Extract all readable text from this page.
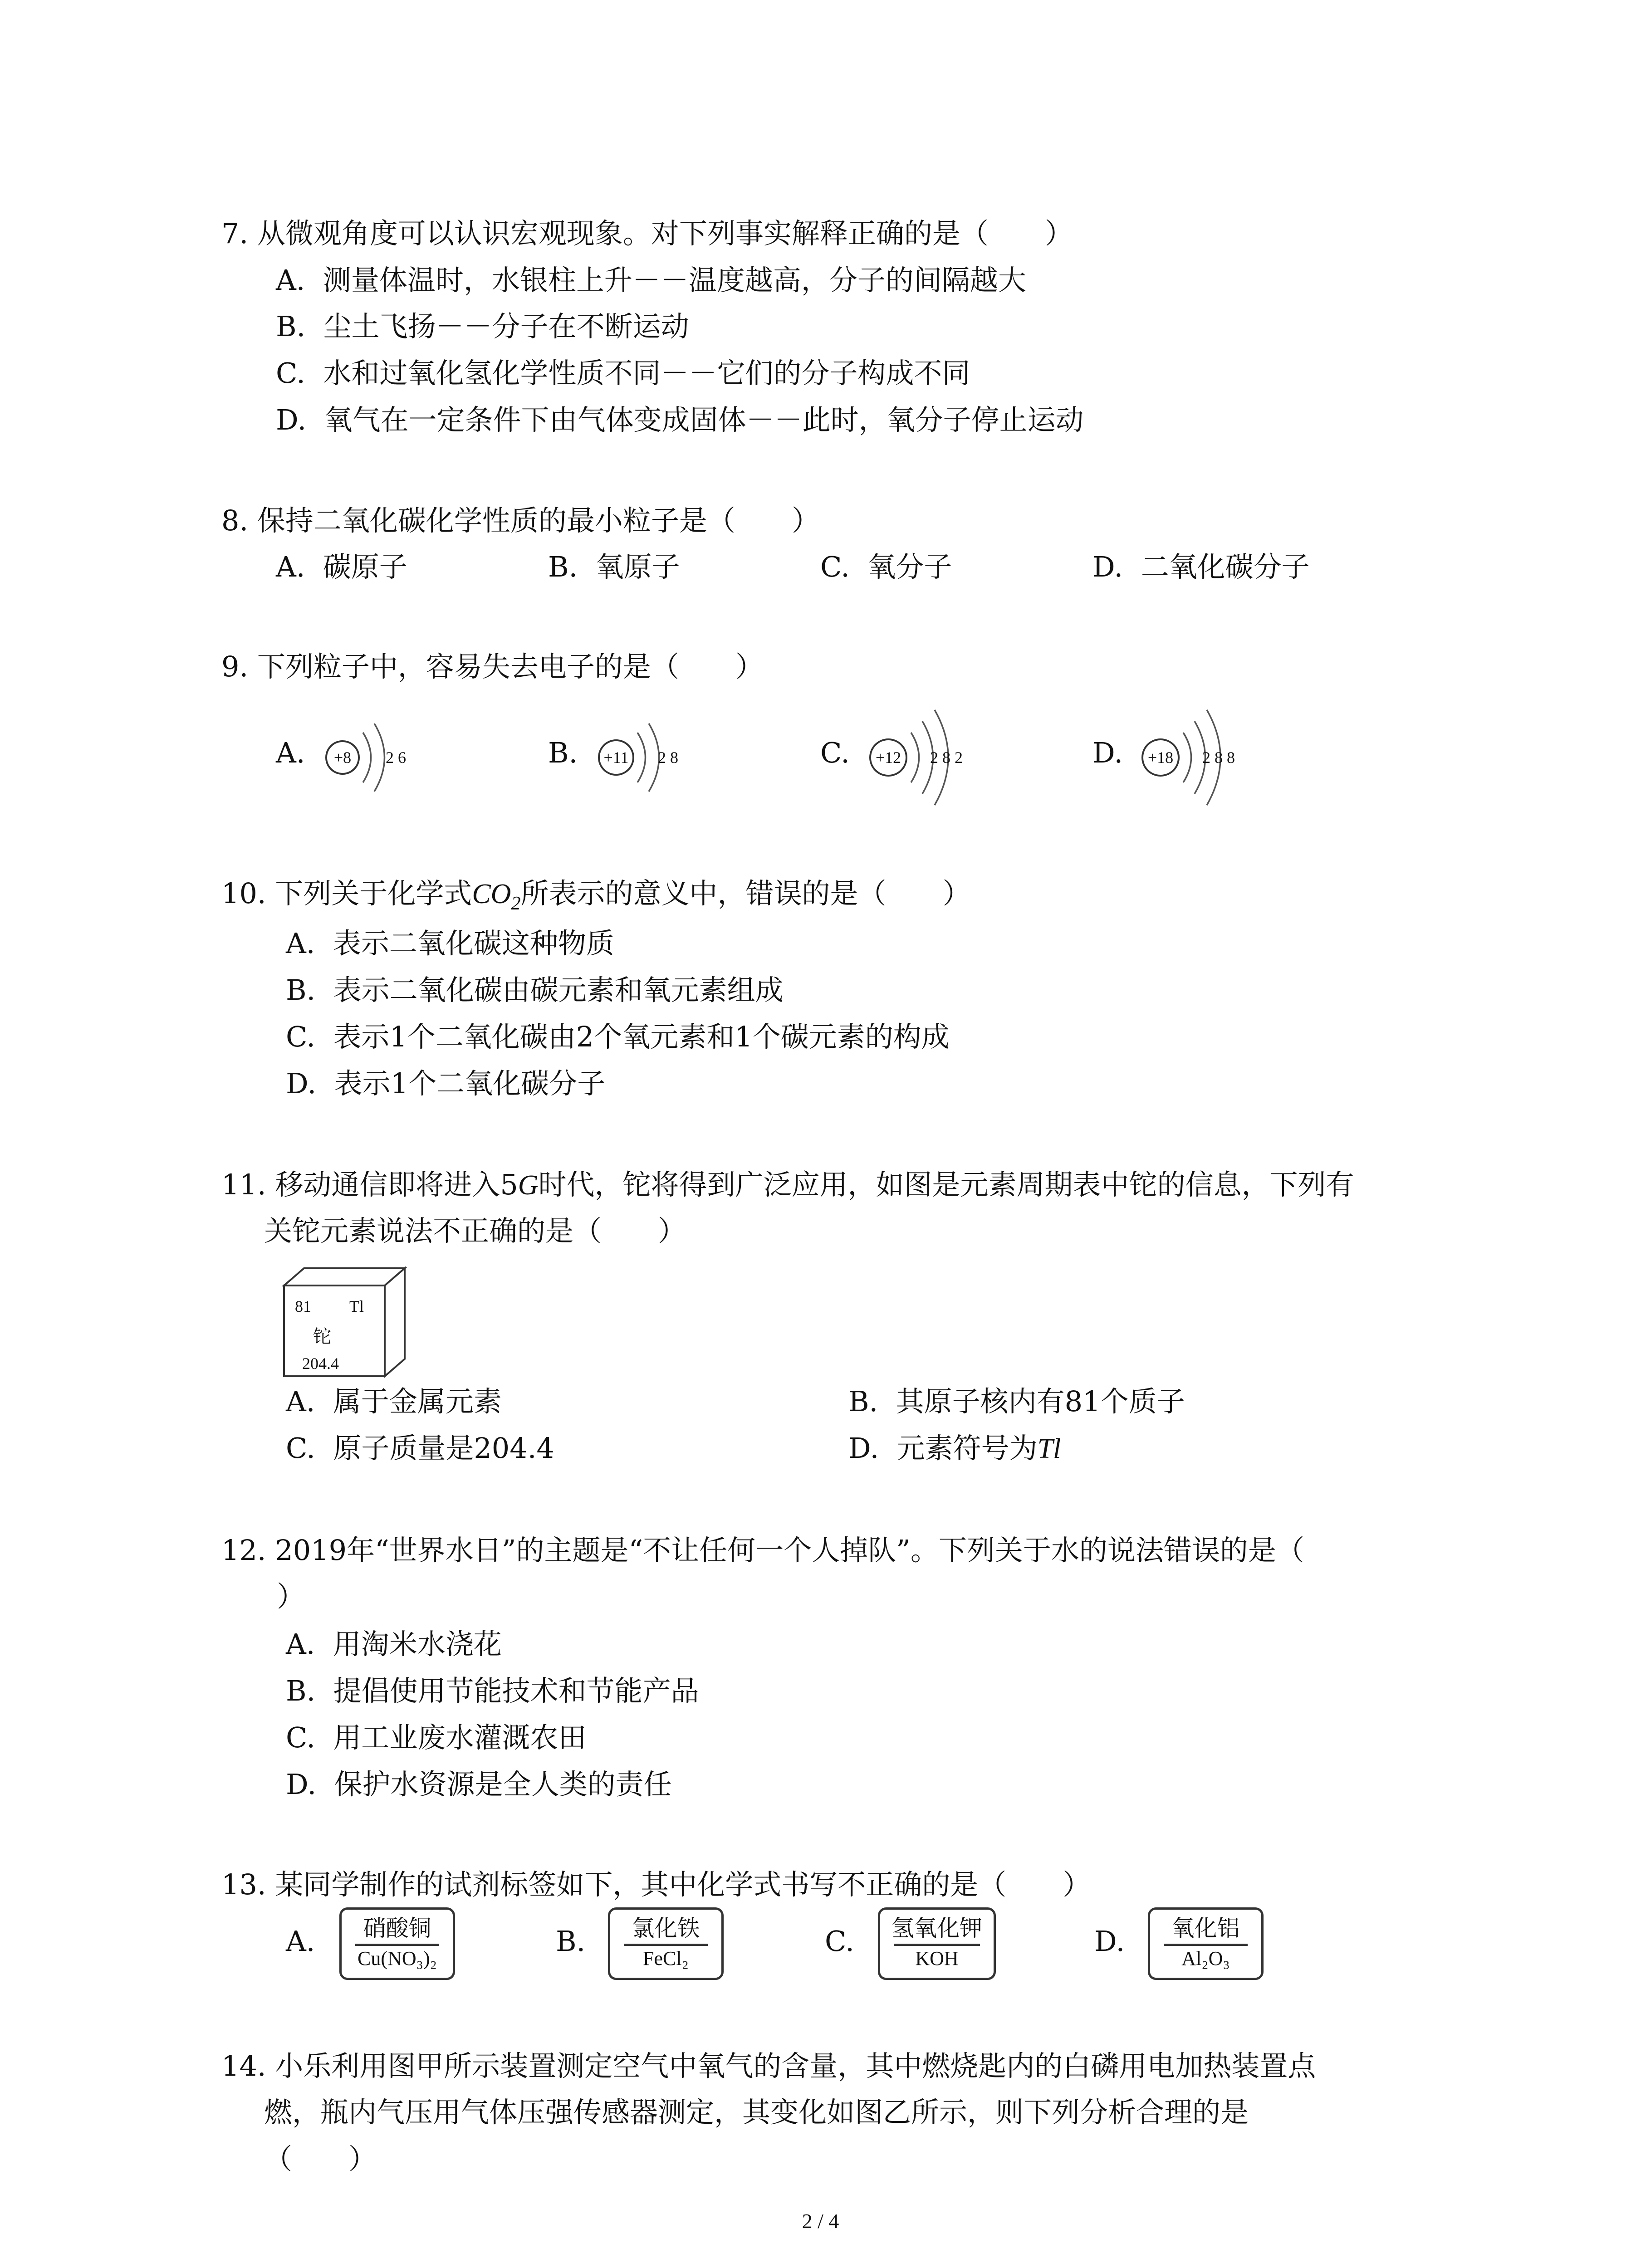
7. 从微观角度可以认识宏观现象。对下列事实解释正确的是（　　）
A.  测量体温时，水银柱上升－－温度越高，分子的间隔越大
B.  尘土飞扬－－分子在不断运动
C.  水和过氧化氢化学性质不同－－它们的分子构成不同
D.  氧气在一定条件下由气体变成固体－－此时，氧分子停止运动
8. 保持二氧化碳化学性质的最小粒子是（　　）
A.  碳原子	B.  氧原子	C.  氧分子	D.  二氧化碳分子
9. 下列粒子中，容易失去电子的是（　　）
A. +8 2 6	B. +11 2 8	C. +12 2 8 2	D. +18 2 8 8
10. 下列关于化学式$CO_2$所表示的意义中，错误的是（　　）
A.  表示二氧化碳这种物质
B.  表示二氧化碳由碳元素和氧元素组成
C.  表示1个二氧化碳由2个氧元素和1个碳元素的构成
D.  表示1个二氧化碳分子
11. 移动通信即将进入5G时代，铊将得到广泛应用，如图是元素周期表中铊的信息，下列有
关铊元素说法不正确的是（　　）
81 Tl
铊
204.4
A.  属于金属元素	B.  其原子核内有81个质子
C.  原子质量是204.4	D.  元素符号为Tl
12. 2019年“世界水日”的主题是“不让任何一个人掉队”。下列关于水的说法错误的是（
）
A.  用淘米水浇花
B.  提倡使用节能技术和节能产品
C.  用工业废水灌溉农田
D.  保护水资源是全人类的责任
13. 某同学制作的试剂标签如下，其中化学式书写不正确的是（　　）
A.	硝酸铜
Cu(NO₃)₂
B.	氯化铁
FeCl₂
C.	氢氧化钾
KOH
D.	氧化铝
Al₂O₃
14. 小乐利用图甲所示装置测定空气中氧气的含量，其中燃烧匙内的白磷用电加热装置点
燃，瓶内气压用气体压强传感器测定，其变化如图乙所示，则下列分析合理的是
（　　）
2 / 4
